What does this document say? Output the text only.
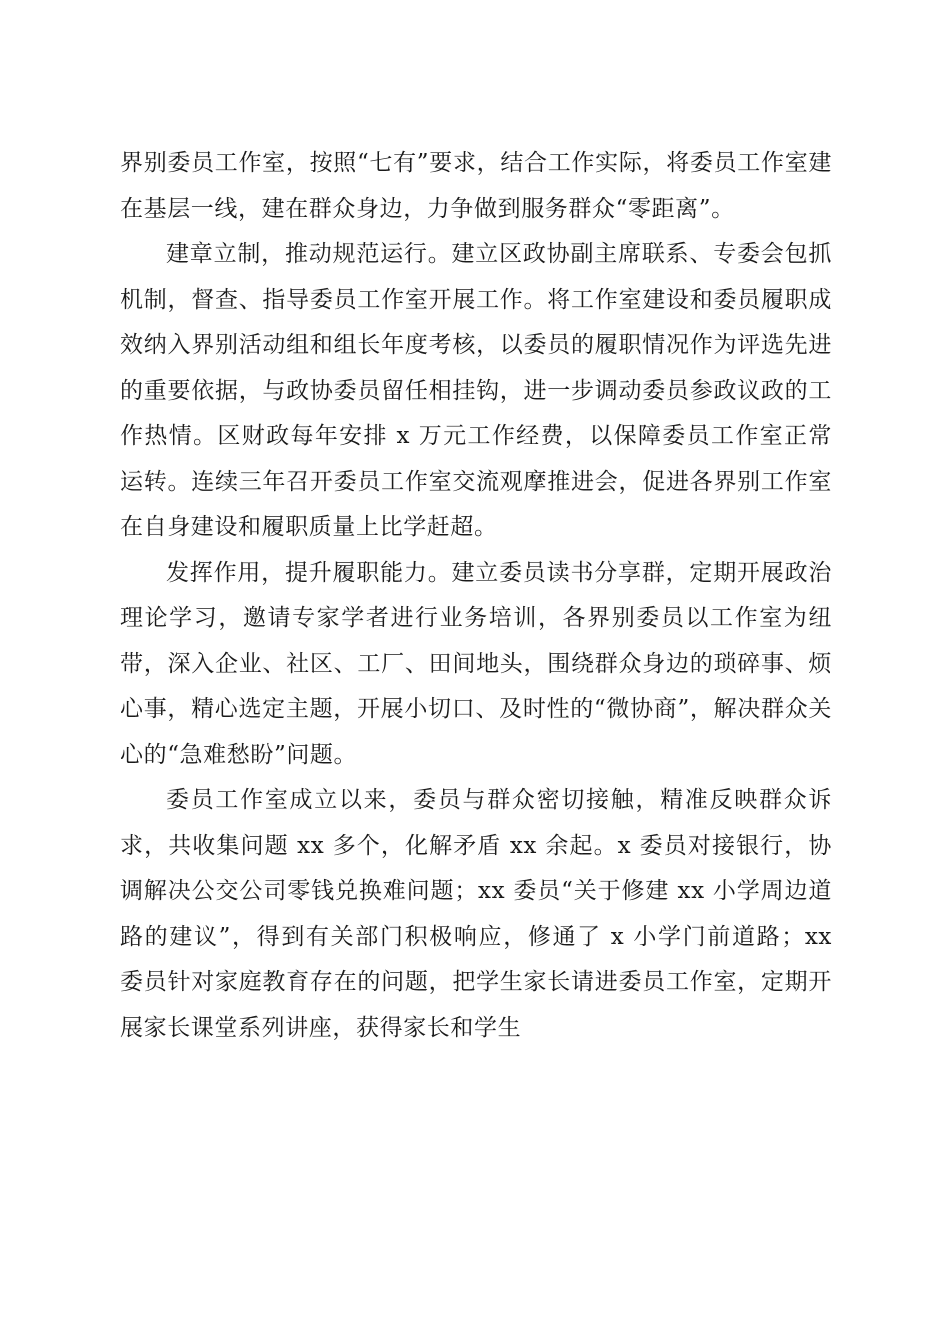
界别委员工作室，按照“七有”要求，结合工作实际，将委员工作室建在基层一线，建在群众身边，力争做到服务群众“零距离”。

建章立制，推动规范运行。建立区政协副主席联系、专委会包抓机制，督查、指导委员工作室开展工作。将工作室建设和委员履职成效纳入界别活动组和组长年度考核，以委员的履职情况作为评选先进的重要依据，与政协委员留任相挂钩，进一步调动委员参政议政的工作热情。区财政每年安排 x 万元工作经费，以保障委员工作室正常运转。连续三年召开委员工作室交流观摩推进会，促进各界别工作室在自身建设和履职质量上比学赶超。

发挥作用，提升履职能力。建立委员读书分享群，定期开展政治理论学习，邀请专家学者进行业务培训，各界别委员以工作室为纽带，深入企业、社区、工厂、田间地头，围绕群众身边的琐碎事、烦心事，精心选定主题，开展小切口、及时性的“微协商”，解决群众关心的“急难愁盼”问题。

委员工作室成立以来，委员与群众密切接触，精准反映群众诉求，共收集问题 xx 多个，化解矛盾 xx 余起。x 委员对接银行，协调解决公交公司零钱兑换难问题；xx 委员“关于修建 xx 小学周边道路的建议”，得到有关部门积极响应，修通了 x 小学门前道路；xx 委员针对家庭教育存在的问题，把学生家长请进委员工作室，定期开展家长课堂系列讲座，获得家长和学生
